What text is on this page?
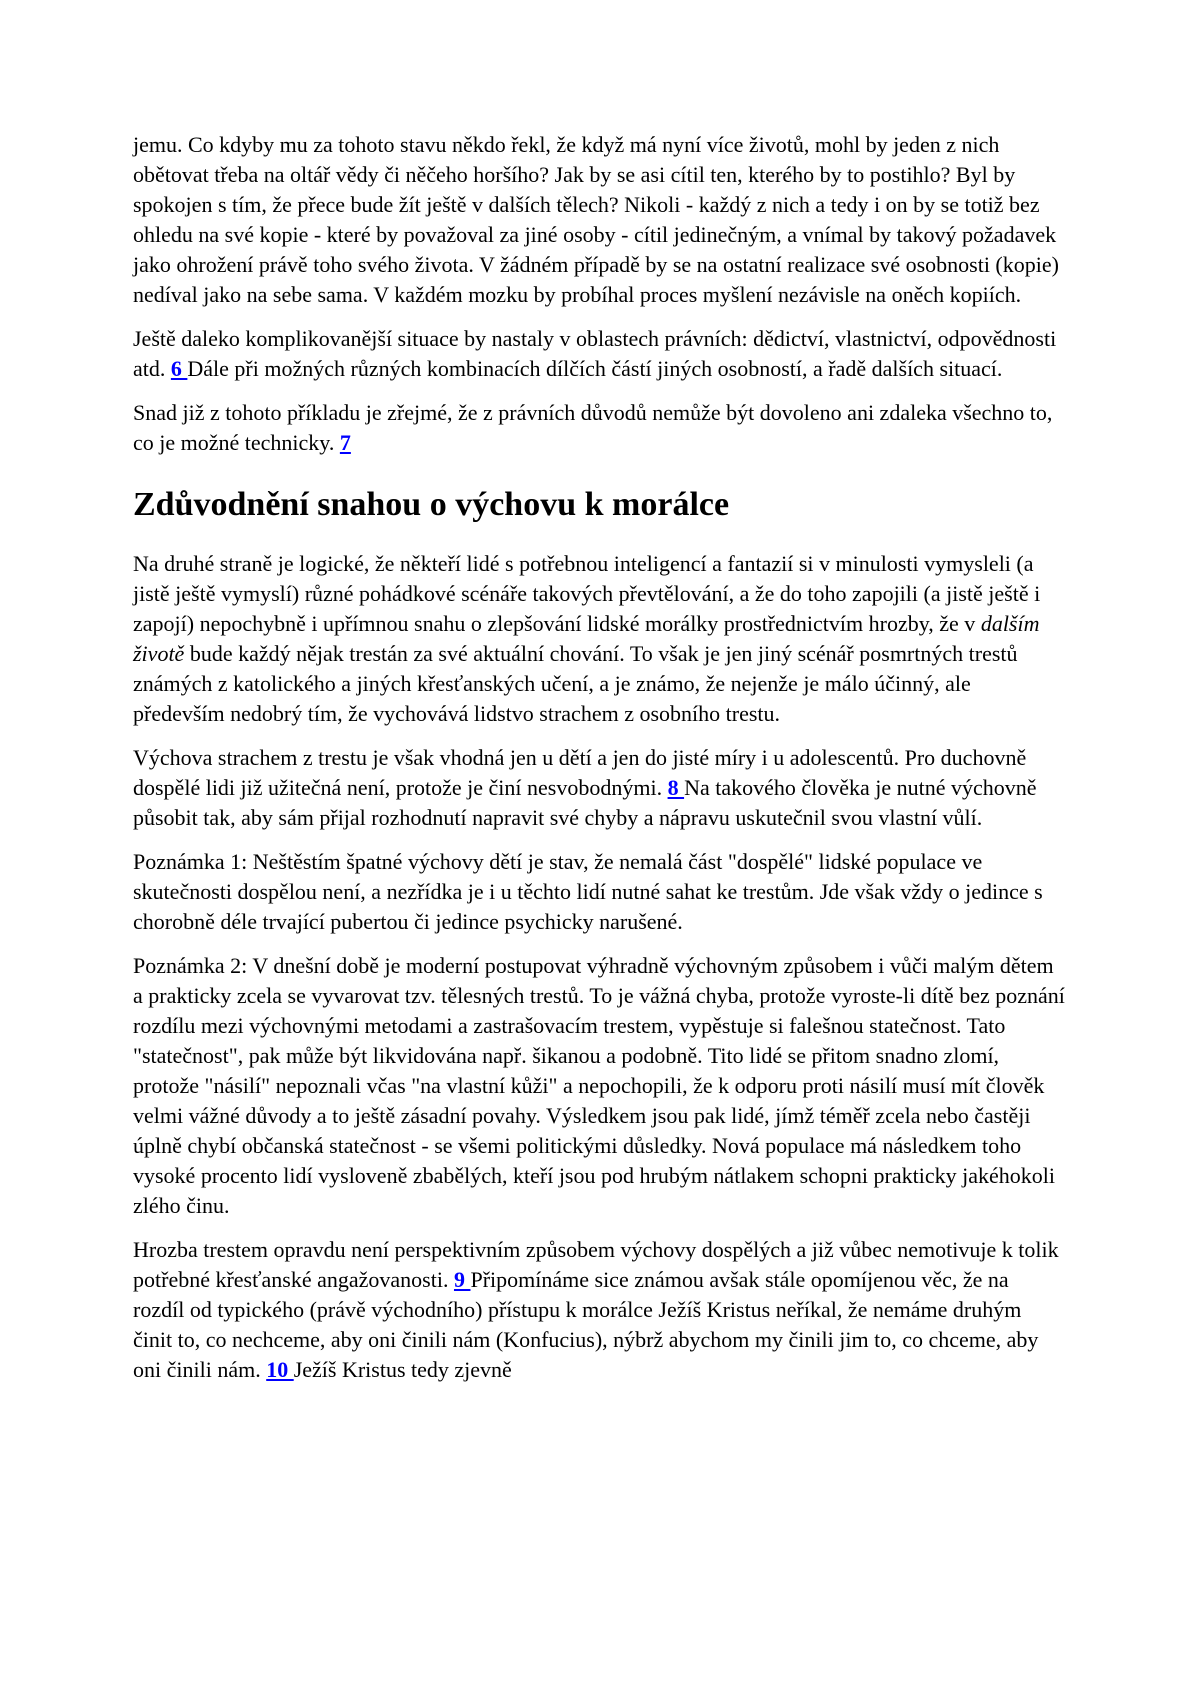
jemu. Co kdyby mu za tohoto stavu někdo řekl, že když má nyní více životů, mohl by jeden z nich obětovat třeba na oltář vědy či něčeho horšího? Jak by se asi cítil ten, kterého by to postihlo? Byl by spokojen s tím, že přece bude žít ještě v dalších tělech? Nikoli - každý z nich a tedy i on by se totiž bez ohledu na své kopie - které by považoval za jiné osoby - cítil jedinečným, a vnímal by takový požadavek jako ohrožení právě toho svého života. V žádném případě by se na ostatní realizace své osobnosti (kopie) nedíval jako na sebe sama. V každém mozku by probíhal proces myšlení nezávisle na oněch kopiích.

Ještě daleko komplikovanější situace by nastaly v oblastech právních: dědictví, vlastnictví, odpovědnosti atd. 6 Dále při možných různých kombinacích dílčích částí jiných osobností, a řadě dalších situací.

Snad již z tohoto příkladu je zřejmé, že z právních důvodů nemůže být dovoleno ani zdaleka všechno to, co je možné technicky. 7

Zdůvodnění snahou o výchovu k morálce

Na druhé straně je logické, že někteří lidé s potřebnou inteligencí a fantazií si v minulosti vymysleli (a jistě ještě vymyslí) různé pohádkové scénáře takových převtělování, a že do toho zapojili (a jistě ještě i zapojí) nepochybně i upřímnou snahu o zlepšování lidské morálky prostřednictvím hrozby, že v dalším životě bude každý nějak trestán za své aktuální chování. To však je jen jiný scénář posmrtných trestů známých z katolického a jiných křesťanských učení, a je známo, že nejenže je málo účinný, ale především nedobrý tím, že vychovává lidstvo strachem z osobního trestu.

Výchova strachem z trestu je však vhodná jen u dětí a jen do jisté míry i u adolescentů. Pro duchovně dospělé lidi již užitečná není, protože je činí nesvobodnými. 8 Na takového člověka je nutné výchovně působit tak, aby sám přijal rozhodnutí napravit své chyby a nápravu uskutečnil svou vlastní vůlí.

Poznámka 1: Neštěstím špatné výchovy dětí je stav, že nemalá část "dospělé" lidské populace ve skutečnosti dospělou není, a nezřídka je i u těchto lidí nutné sahat ke trestům. Jde však vždy o jedince s chorobně déle trvající pubertou či jedince psychicky narušené.

Poznámka 2: V dnešní době je moderní postupovat výhradně výchovným způsobem i vůči malým dětem a prakticky zcela se vyvarovat tzv. tělesných trestů. To je vážná chyba, protože vyroste-li dítě bez poznání rozdílu mezi výchovnými metodami a zastrašovacím trestem, vypěstuje si falešnou statečnost. Tato "statečnost", pak může být likvidována např. šikanou a podobně. Tito lidé se přitom snadno zlomí, protože "násilí" nepoznali včas "na vlastní kůži" a nepochopili, že k odporu proti násilí musí mít člověk velmi vážné důvody a to ještě zásadní povahy. Výsledkem jsou pak lidé, jímž téměř zcela nebo častěji úplně chybí občanská statečnost - se všemi politickými důsledky. Nová populace má následkem toho vysoké procento lidí vysloveně zbabělých, kteří jsou pod hrubým nátlakem schopni prakticky jakéhokoli zlého činu.

Hrozba trestem opravdu není perspektivním způsobem výchovy dospělých a již vůbec nemotivuje k tolik potřebné křesťanské angažovanosti. 9 Připomínáme sice známou avšak stále opomíjenou věc, že na rozdíl od typického (právě východního) přístupu k morálce Ježíš Kristus neříkal, že nemáme druhým činit to, co nechceme, aby oni činili nám (Konfucius), nýbrž abychom my činili jim to, co chceme, aby oni činili nám. 10 Ježíš Kristus tedy zjevně
